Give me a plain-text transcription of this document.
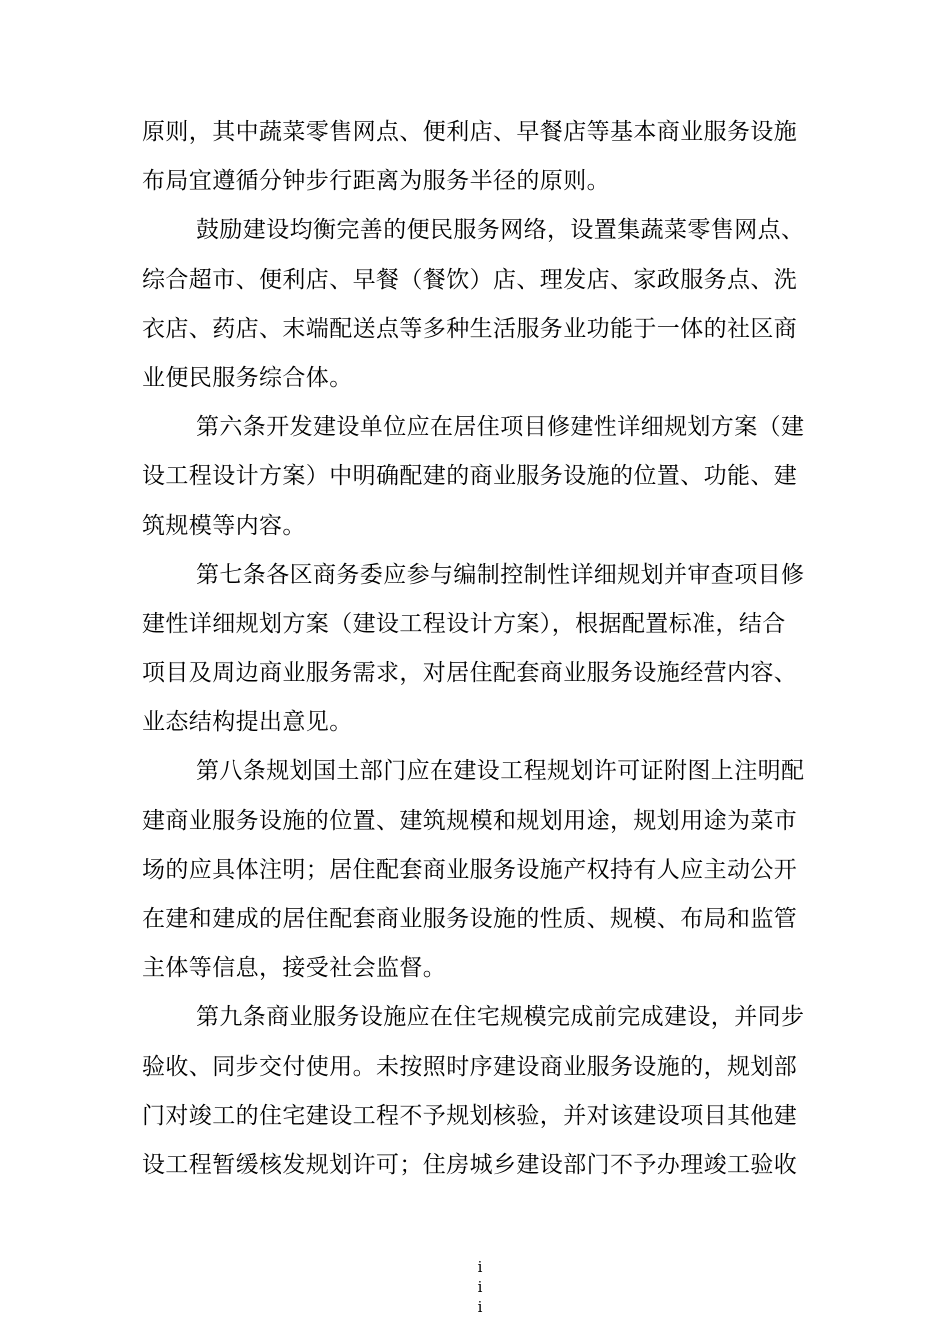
原则，其中蔬菜零售网点、便利店、早餐店等基本商业服务设施
布局宜遵循分钟步行距离为服务半径的原则。
鼓励建设均衡完善的便民服务网络，设置集蔬菜零售网点、
综合超市、便利店、早餐（餐饮）店、理发店、家政服务点、洗
衣店、药店、末端配送点等多种生活服务业功能于一体的社区商
业便民服务综合体。
第六条开发建设单位应在居住项目修建性详细规划方案（建
设工程设计方案）中明确配建的商业服务设施的位置、功能、建
筑规模等内容。
第七条各区商务委应参与编制控制性详细规划并审查项目修
建性详细规划方案（建设工程设计方案），根据配置标准，结合
项目及周边商业服务需求，对居住配套商业服务设施经营内容、
业态结构提出意见。
第八条规划国土部门应在建设工程规划许可证附图上注明配
建商业服务设施的位置、建筑规模和规划用途，规划用途为菜市
场的应具体注明；居住配套商业服务设施产权持有人应主动公开
在建和建成的居住配套商业服务设施的性质、规模、布局和监管
主体等信息，接受社会监督。
第九条商业服务设施应在住宅规模完成前完成建设，并同步
验收、同步交付使用。未按照时序建设商业服务设施的，规划部
门对竣工的住宅建设工程不予规划核验，并对该建设项目其他建
设工程暂缓核发规划许可；住房城乡建设部门不予办理竣工验收
i
i
i
